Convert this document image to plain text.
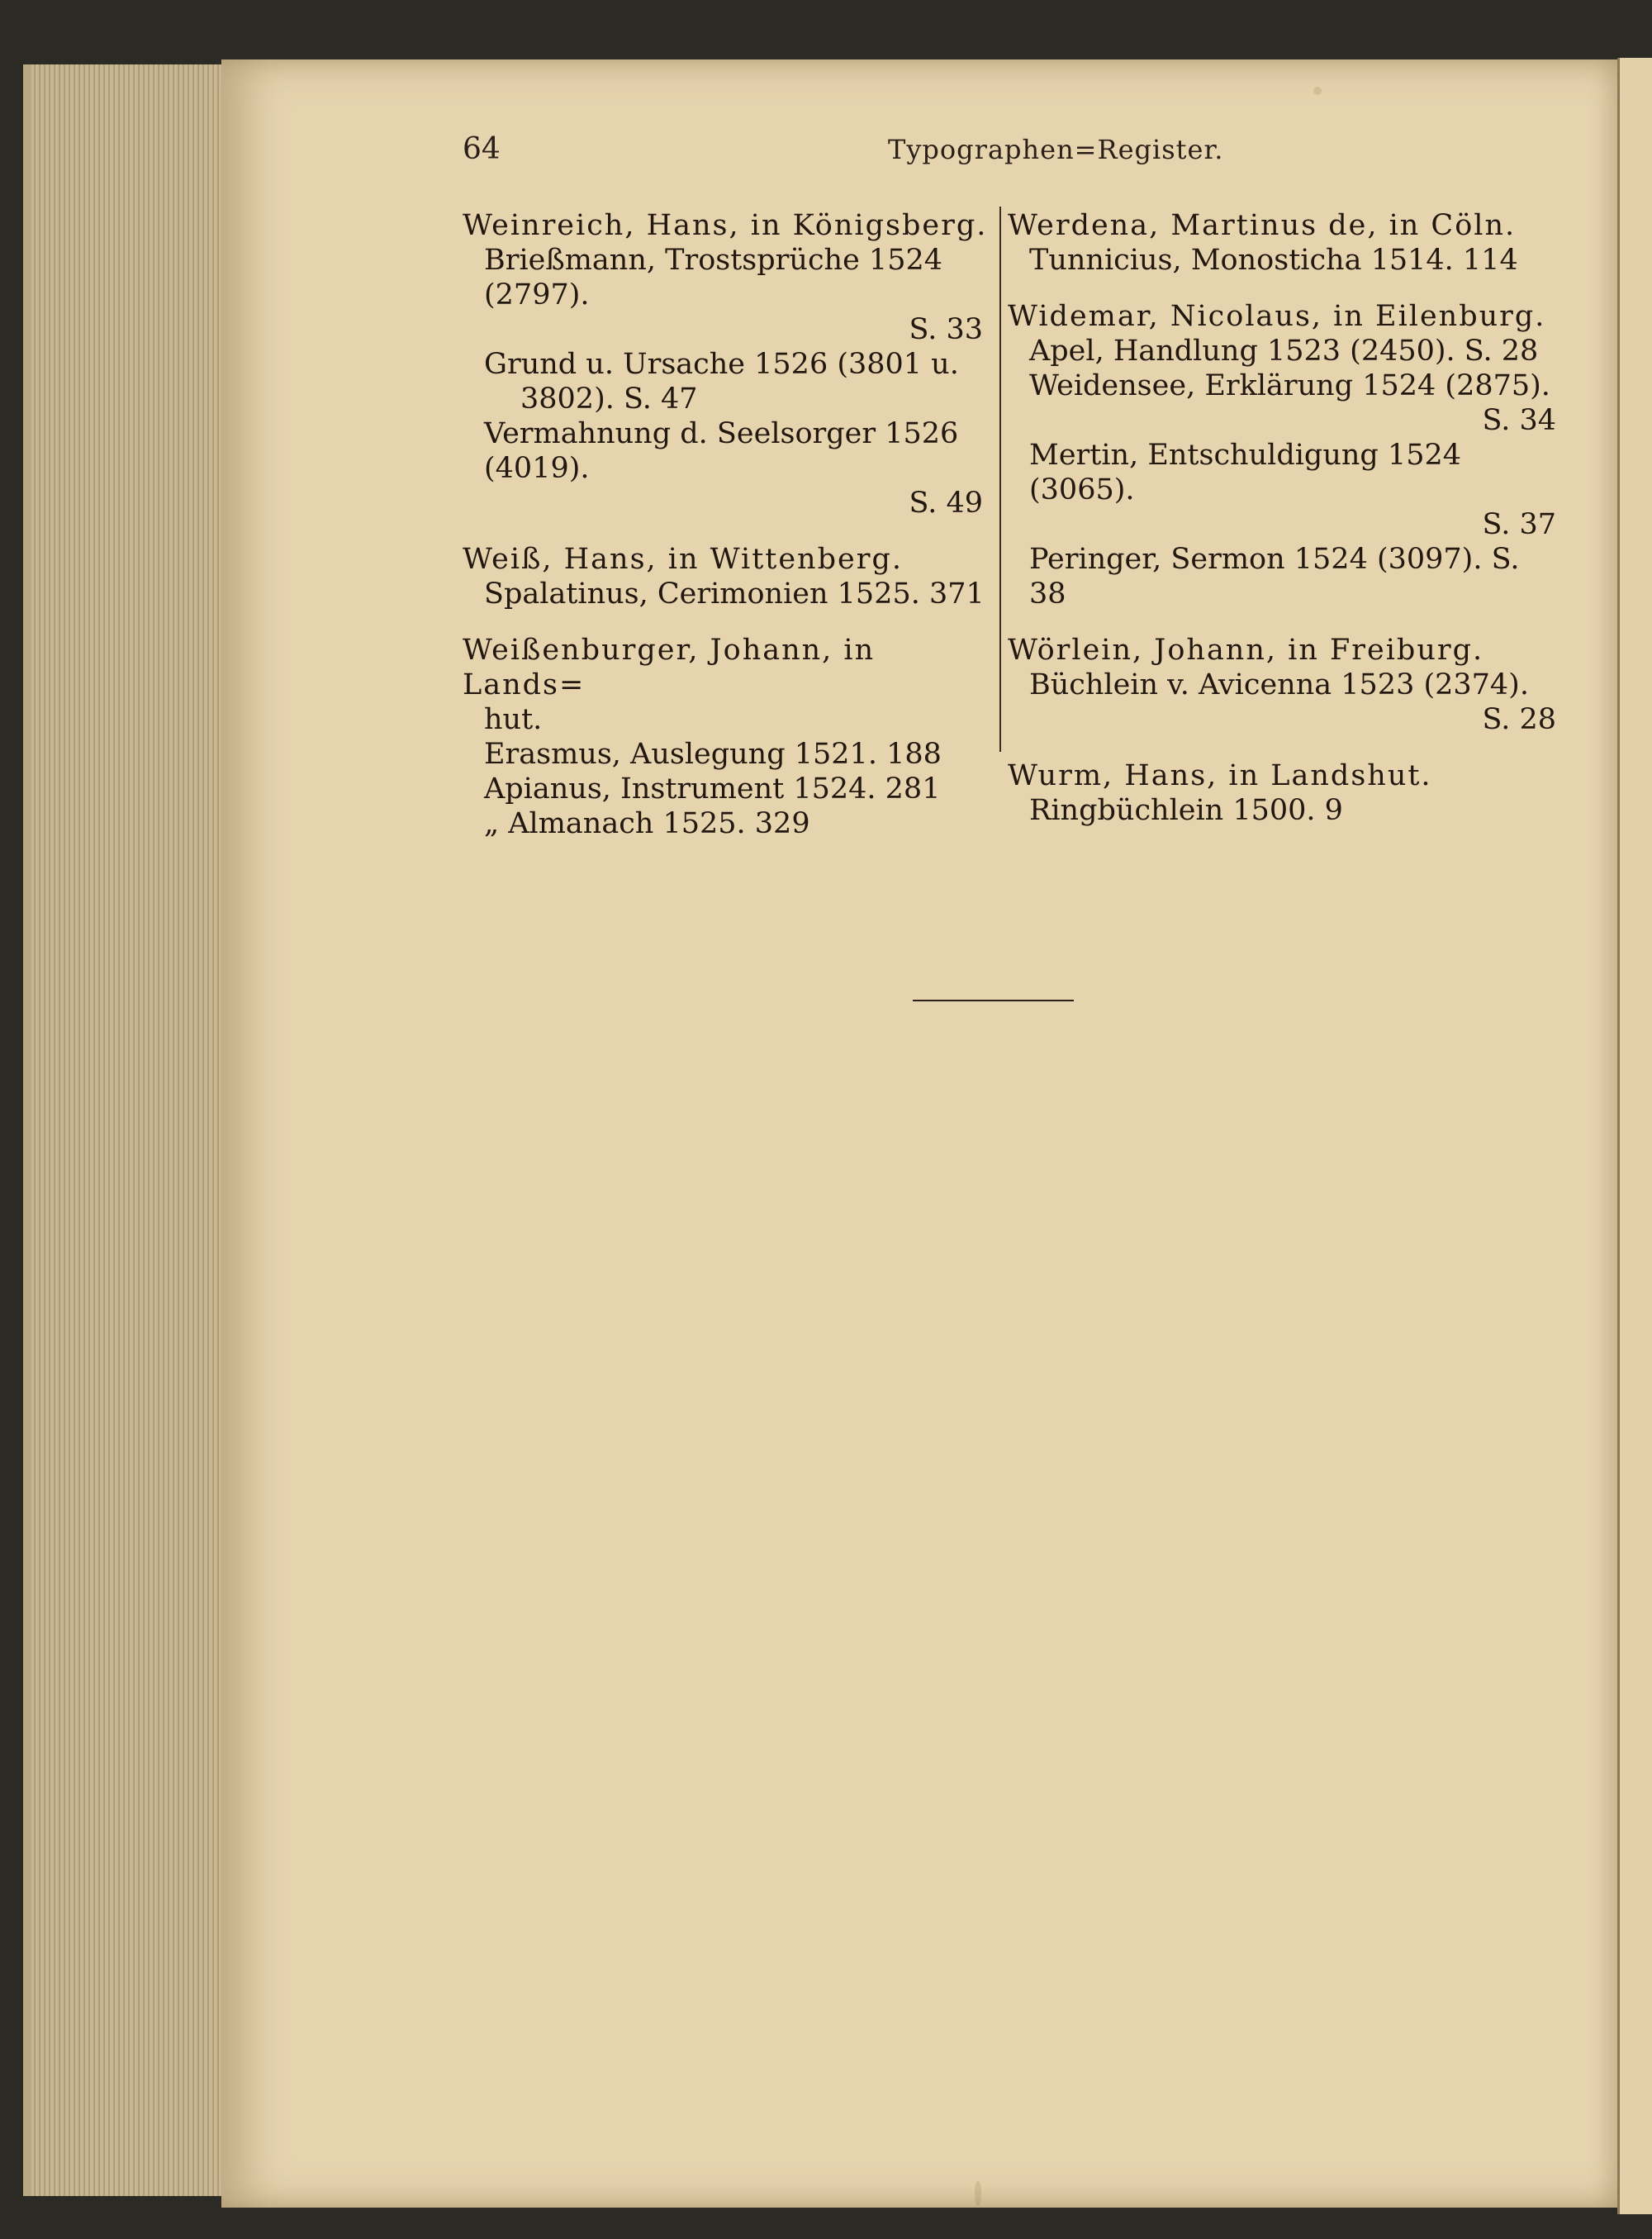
64	Typographen=Register.
Weinreich, Hans, in Königsberg.
Brießmann, Trostsprüche 1524 (2797).
S. 33
Grund u. Ursache 1526 (3801 u.
3802). S. 47
Vermahnung d. Seelsorger 1526 (4019).
S. 49
Weiß, Hans, in Wittenberg.
Spalatinus, Cerimonien 1525. 371
Weißenburger, Johann, in Lands=
hut.
Erasmus, Auslegung 1521. 188
Apianus, Instrument 1524. 281
„ Almanach 1525. 329
Werdena, Martinus de, in Cöln.
Tunnicius, Monosticha 1514. 114
Widemar, Nicolaus, in Eilenburg.
Apel, Handlung 1523 (2450). S. 28
Weidensee, Erklärung 1524 (2875).
S. 34
Mertin, Entschuldigung 1524 (3065).
S. 37
Peringer, Sermon 1524 (3097). S. 38
Wörlein, Johann, in Freiburg.
Büchlein v. Avicenna 1523 (2374).
S. 28
Wurm, Hans, in Landshut.
Ringbüchlein 1500. 9
